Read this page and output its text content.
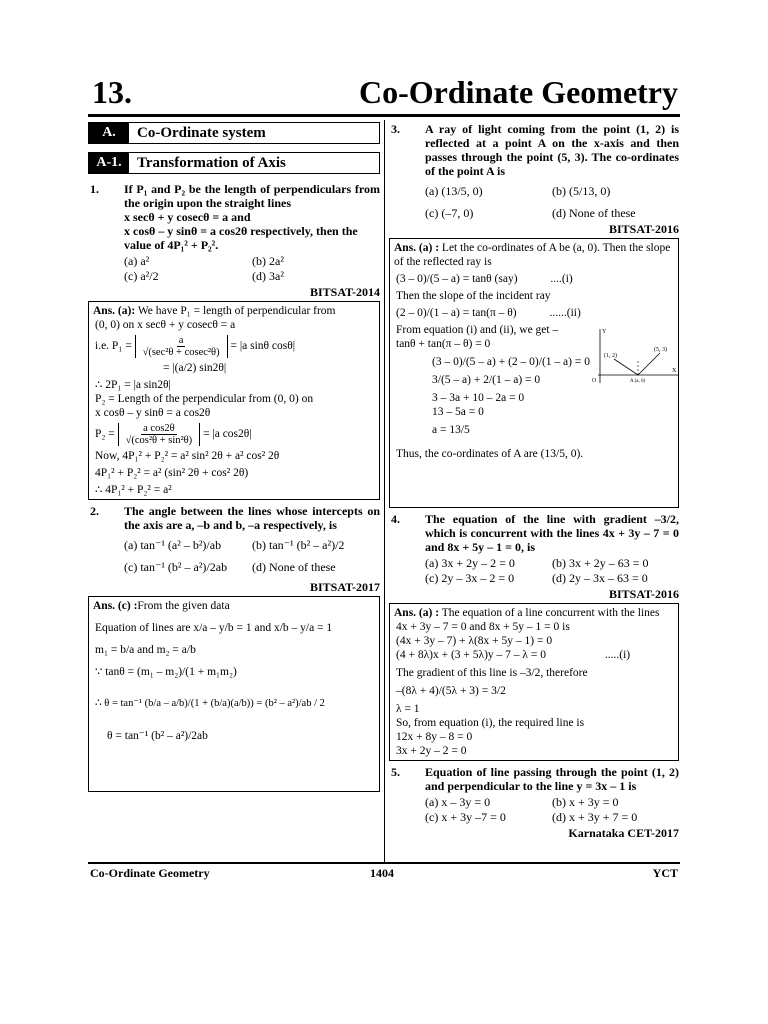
13.	Co-Ordinate Geometry
A.	Co-Ordinate system
A-1.	Transformation of Axis
1.	If P₁ and P₂ be the length of perpendiculars from the origin upon the straight lines
x secθ + y cosecθ = a and
x cosθ – y sinθ = a cos2θ respectively, then the
value of 4P₁² + P₂².
(a) a²	(b) 2a²
(c) a²/2	(d) 3a²
BITSAT-2014
Ans. (a): We have P₁ = length of perpendicular from
(0, 0) on x secθ + y cosecθ = a
i.e. $P_1 = \frac{a}{\text{√(sec²θ + cosec²θ)}} = |a$ sinθ cosθ|
= |(a/2) sin2θ|
∴ 2P₁ = |a sin2θ|
P₂ = Length of the perpendicular from (0, 0) on
x cosθ – y sinθ = a cos2θ
$P_2 = \frac{\text{a cos2θ}}{\text{√(cos²θ + sin²θ)}} = |a$ cos2θ|
Now, 4P₁² + P₂² = a² sin² 2θ + a² cos² 2θ
4P₁² + P₂² = a² (sin² 2θ + cos² 2θ)
∴ 4P₁² + P₂² = a²
2.	The angle between the lines whose intercepts on the axis are a, –b and b, –a respectively, is
(a) tan⁻¹ (a² – b²)/ab	(b) tan⁻¹ (b² – a²)/2
(c) tan⁻¹ (b² – a²)/2ab	(d) None of these
BITSAT-2017
Ans. (c) :From the given data
Equation of lines are x/a – y/b = 1 and x/b – y/a = 1
m₁ = b/a and m₂ = a/b
∵ tanθ = (m₁ – m₂)/(1 + m₁m₂)
∴ θ = tan⁻¹ (b/a – a/b)/(1 + (b/a)(a/b)) = (b² – a²)/ab / 2
θ = tan⁻¹ (b² – a²)/2ab
3.	A ray of light coming from the point (1, 2) is reflected at a point A on the x-axis and then passes through the point (5, 3). The co-ordinates of the point A is
(a) (13/5, 0)	(b) (5/13, 0)
(c) (–7, 0)	(d) None of these
BITSAT-2016
Ans. (a) : Let the co-ordinates of A be (a, 0). Then the slope of the reflected ray is
(3 – 0)/(5 – a) = tanθ (say)	....(i)
Then the slope of the incident ray
(2 – 0)/(1 – a) = tan(π – θ)	......(ii)
From equation (i) and (ii), we get –
tanθ + tan(π – θ) = 0
(3 – 0)/(5 – a) + (2 – 0)/(1 – a) = 0
3/(5 – a) + 2/(1 – a) = 0
3 – 3a + 10 – 2a = 0
13 – 5a = 0
a = 13/5
Thus, the co-ordinates of A are (13/5, 0).
(1, 2)
(5, 3)
A (a, 0)
O
X
Y
4.	The equation of the line with gradient –3/2, which is concurrent with the lines 4x + 3y – 7 = 0 and 8x + 5y – 1 = 0, is
(a) 3x + 2y – 2 = 0	(b) 3x + 2y – 63 = 0
(c) 2y – 3x – 2 = 0	(d) 2y – 3x – 63 = 0
BITSAT-2016
Ans. (a) : The equation of a line concurrent with the lines
4x + 3y – 7 = 0 and 8x + 5y – 1 = 0 is
(4x + 3y – 7) + λ(8x + 5y – 1) = 0
(4 + 8λ)x + (3 + 5λ)y – 7 – λ = 0	.....(i)
The gradient of this line is –3/2, therefore
–(8λ + 4)/(5λ + 3) = 3/2
λ = 1
So, from equation (i), the required line is
12x + 8y – 8 = 0
3x + 2y – 2 = 0
5.	Equation of line passing through the point (1, 2) and perpendicular to the line y = 3x – 1 is
(a) x – 3y = 0	(b) x + 3y = 0
(c) x + 3y –7 = 0	(d) x + 3y + 7 = 0
Karnataka CET-2017
Co-Ordinate Geometry	1404	YCT
